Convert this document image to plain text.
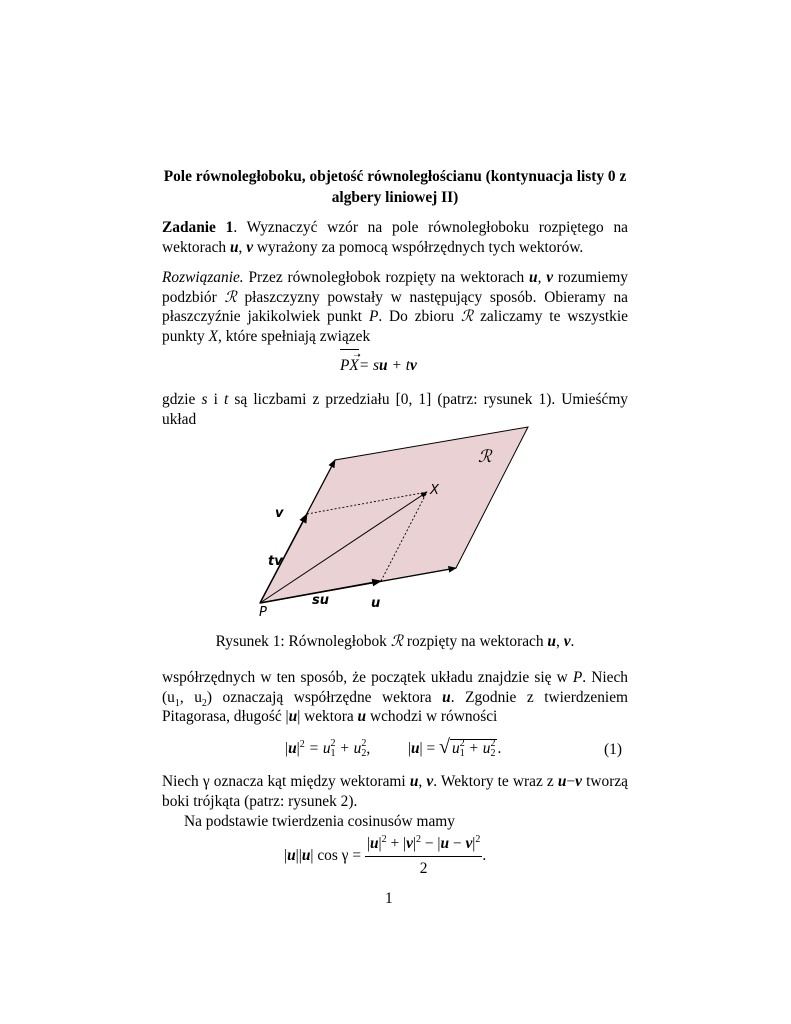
Pole równoległoboku, objetość równoległościanu (kontynuacja listy 0 z algbery liniowej II)
Zadanie 1. Wyznaczyć wzór na pole równoległoboku rozpiętego na wektorach u, v wyrażony za pomocą współrzędnych tych wektorów.
Rozwiązanie. Przez równoległobok rozpięty na wektorach u, v rozumiemy podzbiór ℛ płaszczyzny powstały w następujący sposób. Obieramy na płaszczyźnie jakikolwiek punkt P. Do zbioru ℛ zaliczamy te wszystkie punkty X, które spełniają związek
➝
PX= su + tv
gdzie s i t są liczbami z przedziału [0, 1] (patrz: rysunek 1). Umieśćmy układ
ℛ
X
v
tv
P
su	u
Rysunek 1: Równoległobok ℛ rozpięty na wektorach u, v.
współrzędnych w ten sposób, że początek układu znajdzie się w P. Niech ($u_1$, $u_2$) oznaczają współrzędne wektora u. Zgodnie z twierdzeniem Pitagorasa, długość |u| wektora u wchodzi w równości
$|u|^2 = u$ 2
1 + u 2
2 , |u| = √ u 2
1 + u 2
2 .	(1)
Niech γ oznacza kąt między wektorami u, v. Wektory te wraz z u−v tworzą boki trójkąta (patrz: rysunek 2).
Na podstawie twierdzenia cosinusów mamy
|u||u| $\cos \gamma = \frac{|u|^2 + |v|^2 - |u - v|^2}{2}$ .
1
